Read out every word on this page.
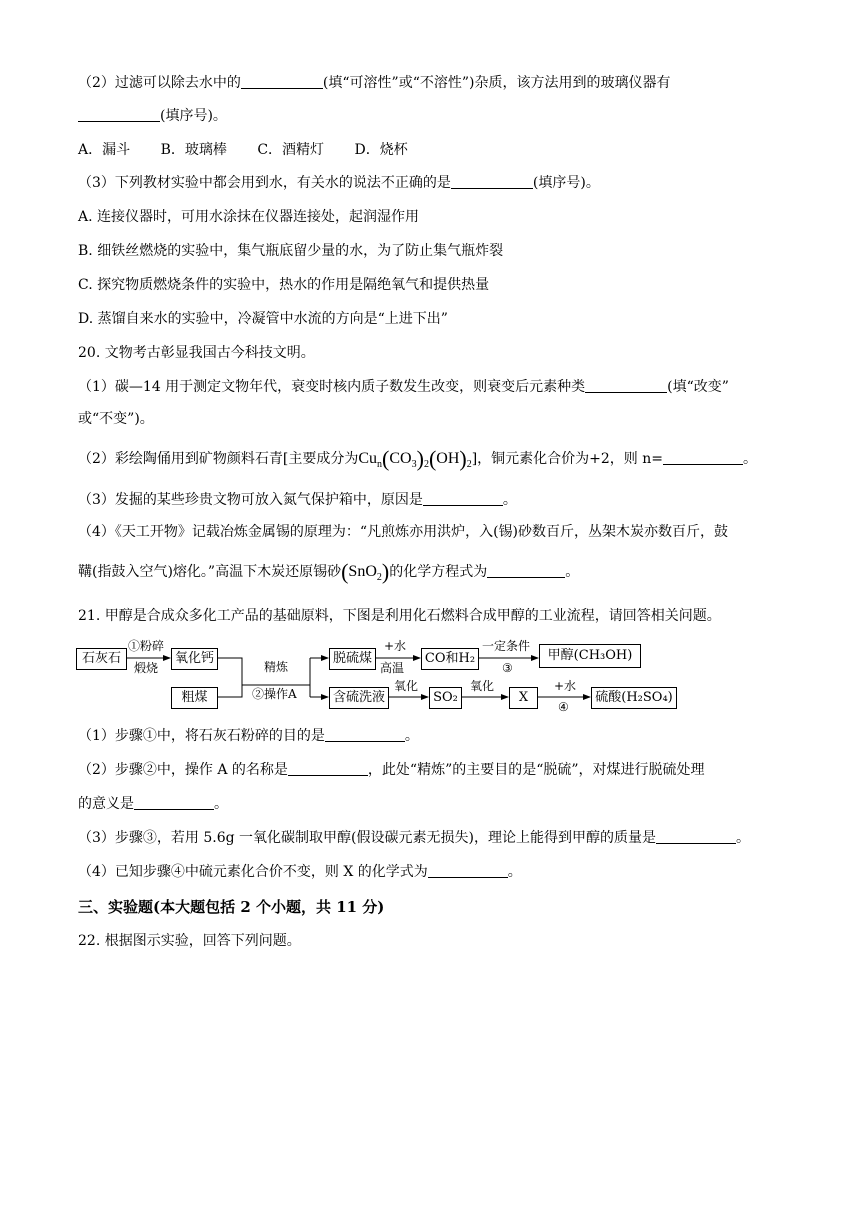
（2）过滤可以除去水中的	(填“可溶性”或“不溶性”)杂质，该方法用到的玻璃仪器有
(填序号)。
A．漏斗 B．玻璃棒 C．酒精灯 D．烧杯
（3）下列教材实验中都会用到水，有关水的说法不正确的是	(填序号)。
A. 连接仪器时，可用水涂抹在仪器连接处，起润湿作用
B. 细铁丝燃烧的实验中，集气瓶底留少量的水，为了防止集气瓶炸裂
C. 探究物质燃烧条件的实验中，热水的作用是隔绝氧气和提供热量
D. 蒸馏自来水的实验中，冷凝管中水流的方向是“上进下出”
20. 文物考古彰显我国古今科技文明。
（1）碳—14 用于测定文物年代，衰变时核内质子数发生改变，则衰变后元素种类	(填“改变”
或“不变”)。
（2）彩绘陶俑用到矿物颜料石青[主要成分为$Cu_n(CO_3)_2(OH)_2$]，铜元素化合价为+2，则 n=	。
（3）发掘的某些珍贵文物可放入氮气保护箱中，原因是	。
（4）《天工开物》记载冶炼金属锡的原理为：“凡煎炼亦用洪炉，入(锡)砂数百斤，丛架木炭亦数百斤，鼓
鞲(指鼓入空气)熔化。”高温下木炭还原锡砂(SnO$_2$)的化学方程式为	。
21. 甲醇是合成众多化工产品的基础原料，下图是利用化石燃料合成甲醇的工业流程，请回答相关问题。
石灰石
①粉碎
煅烧
氧化钙
粗煤
精炼
②操作A
脱硫煤
+水
高温
CO和H₂
一定条件
③
甲醇(CH₃OH)
含硫洗液
氧化
SO₂
氧化
X
+水
④
硫酸(H₂SO₄)
（1）步骤①中，将石灰石粉碎的目的是	。
（2）步骤②中，操作 A 的名称是	，此处“精炼”的主要目的是“脱硫”，对煤进行脱硫处理
的意义是	。
（3）步骤③，若用 5.6g 一氧化碳制取甲醇(假设碳元素无损失)，理论上能得到甲醇的质量是	。
（4）已知步骤④中硫元素化合价不变，则 X 的化学式为	。
三、实验题(本大题包括 2 个小题，共 11 分)
22. 根据图示实验，回答下列问题。
